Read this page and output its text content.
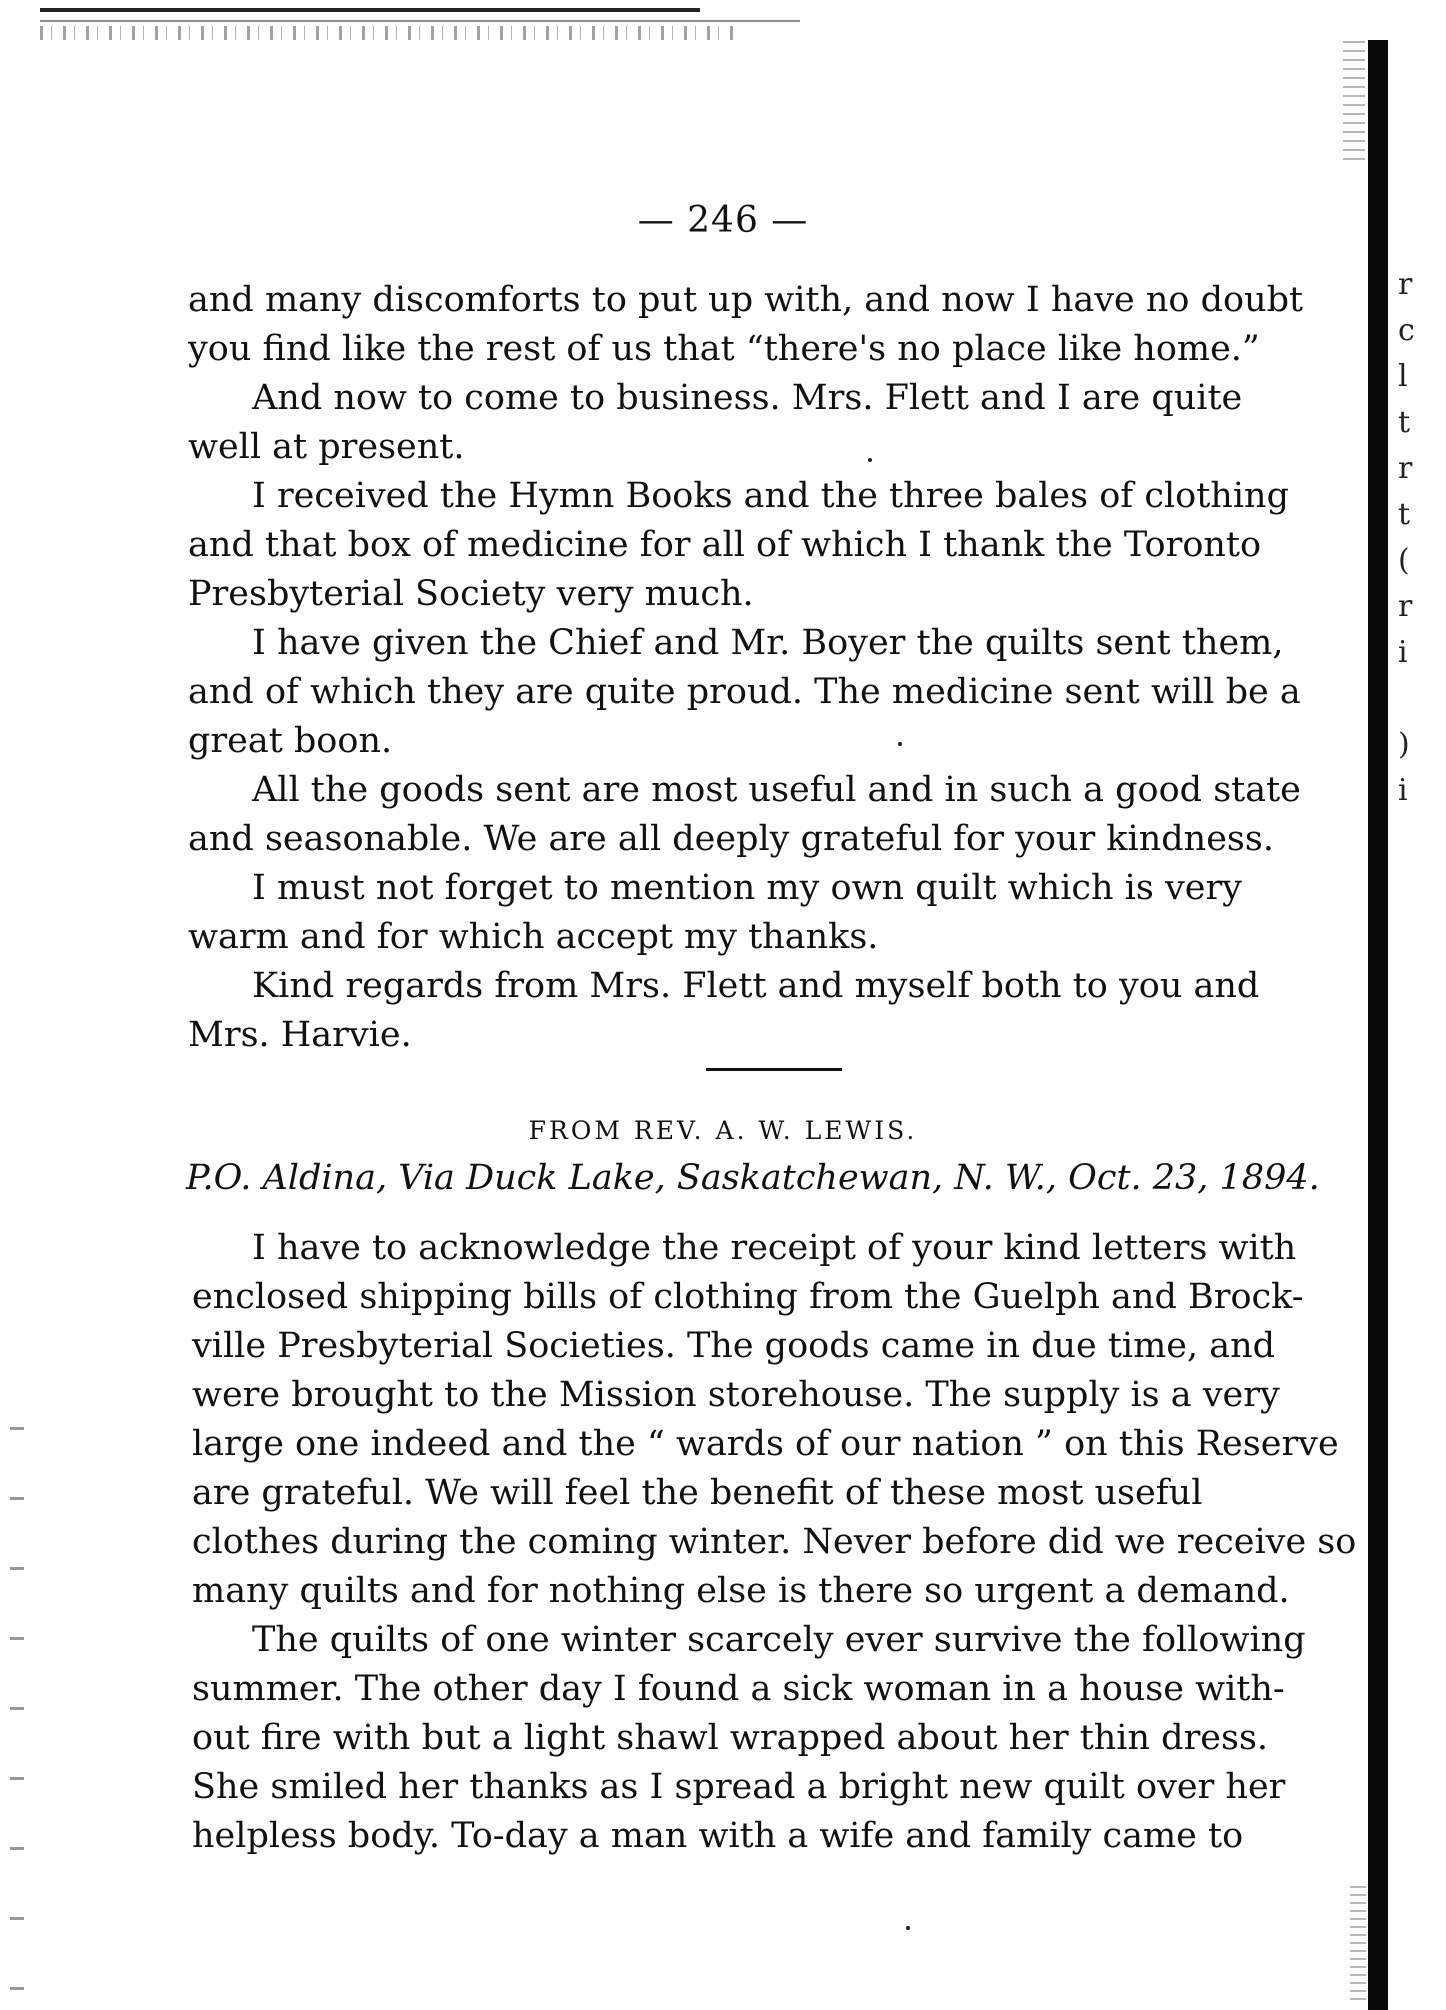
r
c
l
t
r
t
(
r
i
)
i
— 246 —
and many discomforts to put up with, and now I have no doubt
you find like the rest of us that “there's no place like home.”
And now to come to business. Mrs. Flett and I are quite
well at present.
I received the Hymn Books and the three bales of clothing
and that box of medicine for all of which I thank the Toronto
Presbyterial Society very much.
I have given the Chief and Mr. Boyer the quilts sent them,
and of which they are quite proud. The medicine sent will be a
great boon.
All the goods sent are most useful and in such a good state
and seasonable. We are all deeply grateful for your kindness.
I must not forget to mention my own quilt which is very
warm and for which accept my thanks.
Kind regards from Mrs. Flett and myself both to you and
Mrs. Harvie.
FROM REV. A. W. LEWIS.
P.O. Aldina, Via Duck Lake, Saskatchewan, N. W., Oct. 23, 1894.
I have to acknowledge the receipt of your kind letters with
enclosed shipping bills of clothing from the Guelph and Brock-
ville Presbyterial Societies. The goods came in due time, and
were brought to the Mission storehouse. The supply is a very
large one indeed and the “ wards of our nation ” on this Reserve
are grateful. We will feel the benefit of these most useful
clothes during the coming winter. Never before did we receive so
many quilts and for nothing else is there so urgent a demand.
The quilts of one winter scarcely ever survive the following
summer. The other day I found a sick woman in a house with-
out fire with but a light shawl wrapped about her thin dress.
She smiled her thanks as I spread a bright new quilt over her
helpless body. To-day a man with a wife and family came to
